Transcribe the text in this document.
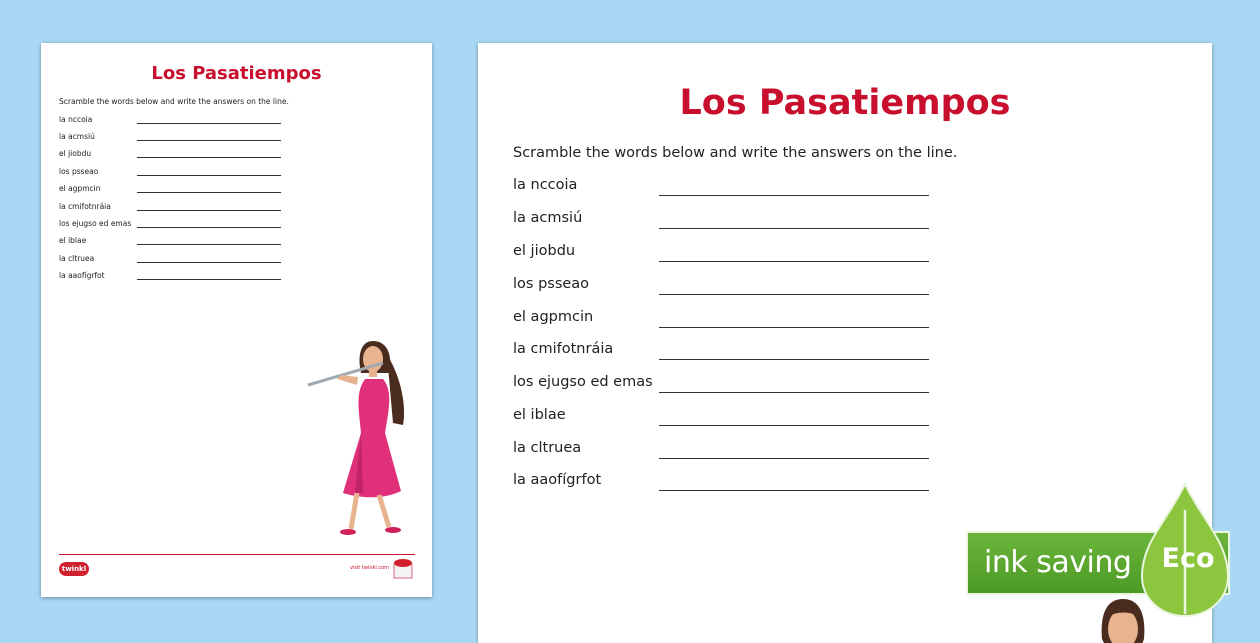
Los Pasatiempos
Scramble the words below and write the answers on the line.
la nccoia
la acmsiú
el jiobdu
los psseao
el agpmcin
la cmifotnráia
los ejugso ed emas
el iblae
la cltruea
la aaofígrfot
twinkl	visit twinkl.com
Los Pasatiempos
Scramble the words below and write the answers on the line.
la nccoia
la acmsiú
el jiobdu
los psseao
el agpmcin
la cmifotnráia
los ejugso ed emas
el iblae
la cltruea
la aaofígrfot
ink saving Eco
